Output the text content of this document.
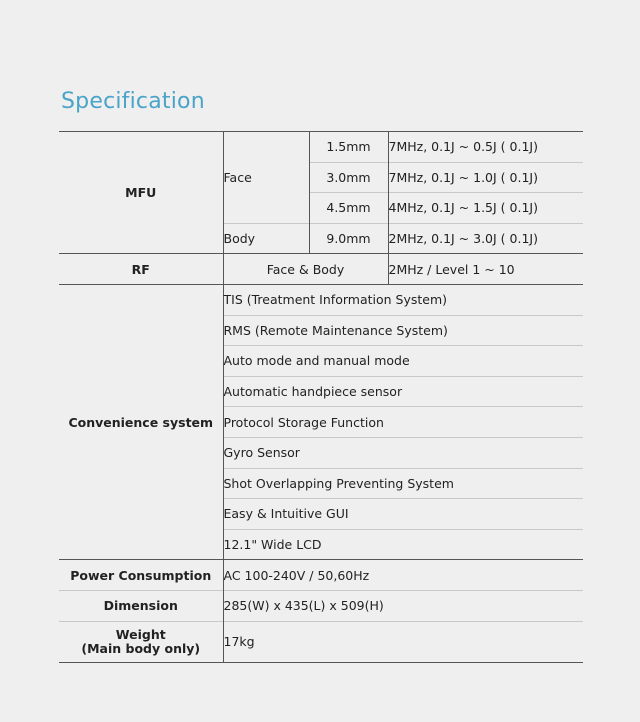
Specification
MFU	Face	1.5mm	7MHz, 0.1J ~ 0.5J ( 0.1J)
		3.0mm	7MHz, 0.1J ~ 1.0J ( 0.1J)
		4.5mm	4MHz, 0.1J ~ 1.5J ( 0.1J)
	Body	9.0mm	2MHz, 0.1J ~ 3.0J ( 0.1J)
RF	Face & Body		2MHz / Level 1 ~ 10
Convenience system	TIS (Treatment Information System)		
	RMS (Remote Maintenance System)		
	Auto mode and manual mode		
	Automatic handpiece sensor		
	Protocol Storage Function		
	Gyro Sensor		
	Shot Overlapping Preventing System		
	Easy & Intuitive GUI		
	12.1" Wide LCD		
Power Consumption	AC 100-240V / 50,60Hz		
Dimension	285(W) x 435(L) x 509(H)		

Weight
(Main body only)	17kg		
